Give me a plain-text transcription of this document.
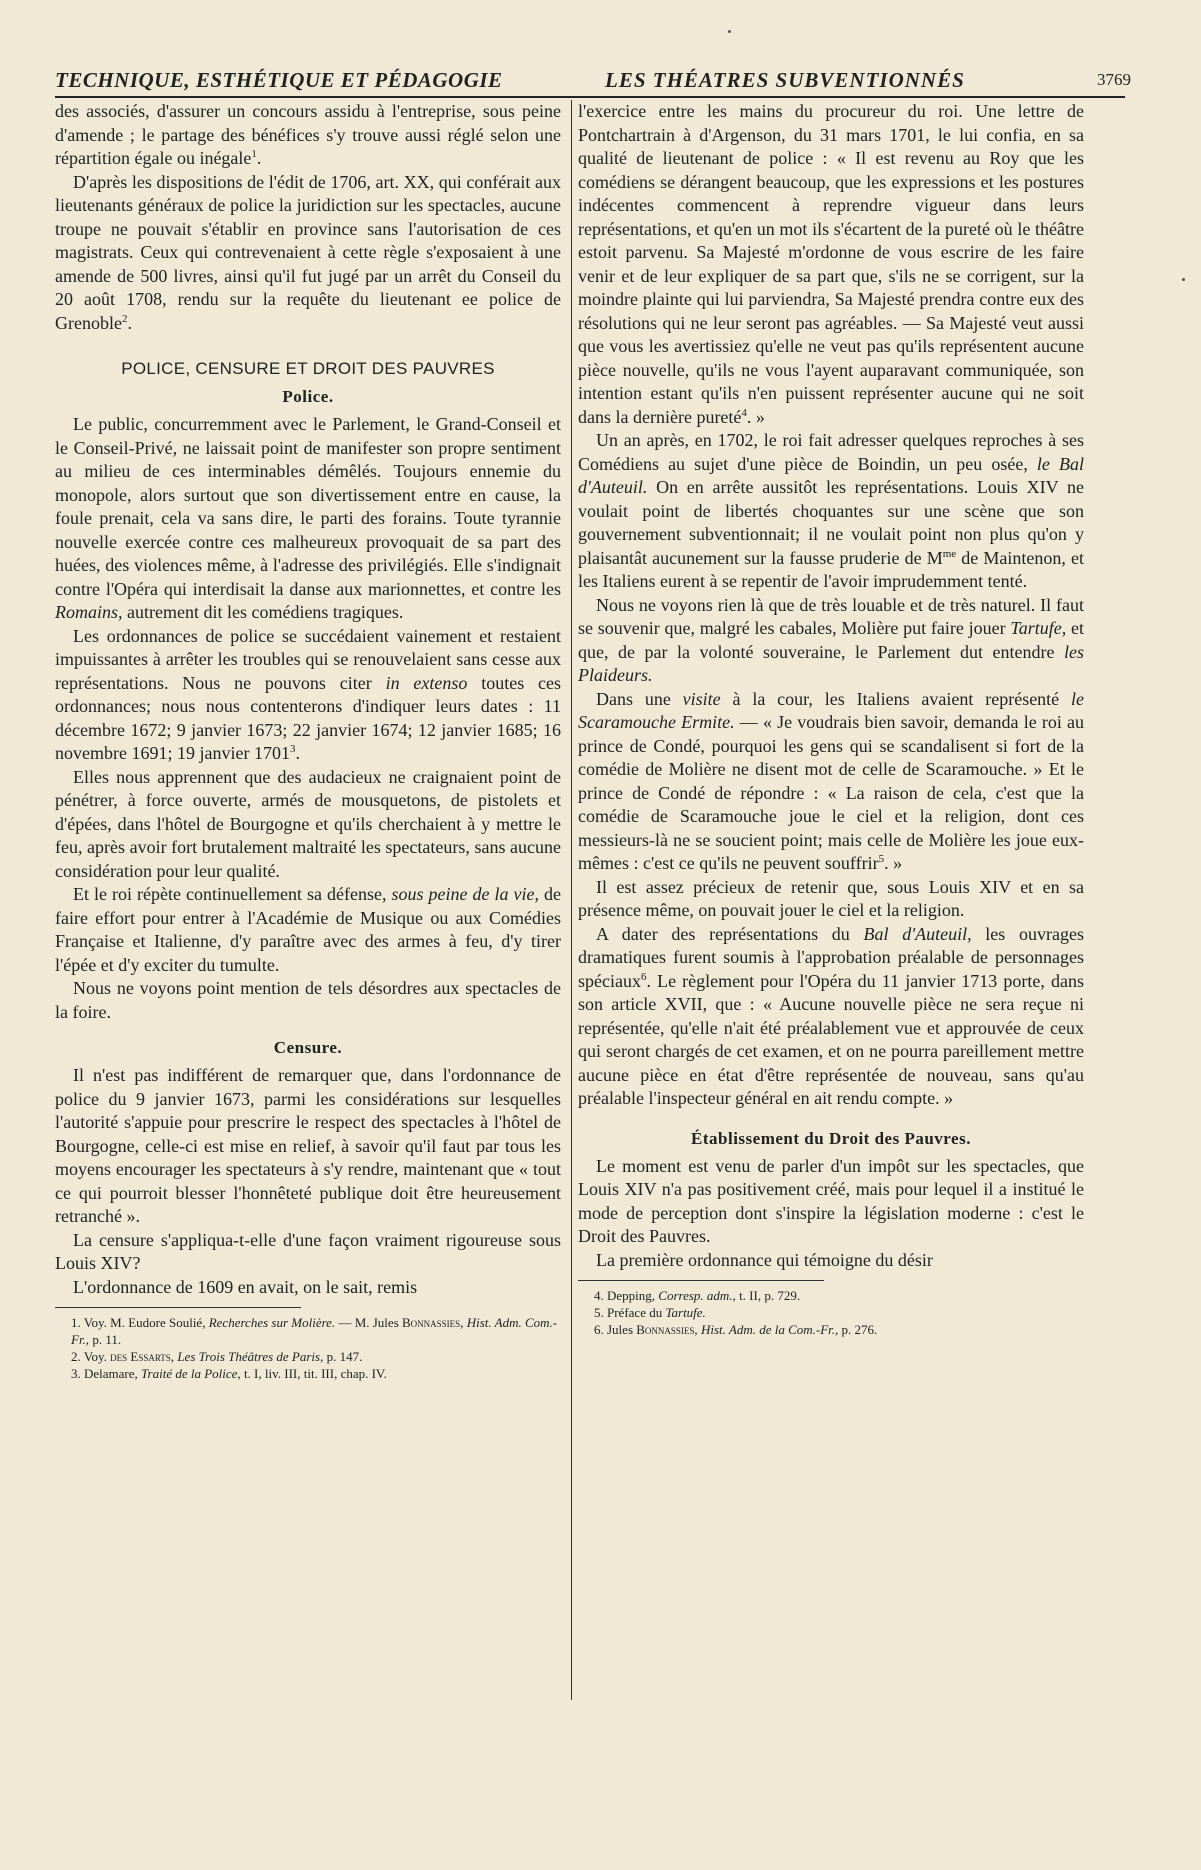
TECHNIQUE, ESTHÉTIQUE ET PÉDAGOGIE	LES THÉATRES SUBVENTIONNÉS	3769

des associés, d'assurer un concours assidu à l'entreprise, sous peine d'amende ; le partage des bénéfices s'y trouve aussi réglé selon une répartition égale ou inégale$^1$.

D'après les dispositions de l'édit de 1706, art. XX, qui conférait aux lieutenants généraux de police la juridiction sur les spectacles, aucune troupe ne pouvait s'établir en province sans l'autorisation de ces magistrats. Ceux qui contrevenaient à cette règle s'exposaient à une amende de 500 livres, ainsi qu'il fut jugé par un arrêt du Conseil du 20 août 1708, rendu sur la requête du lieutenant ee police de Grenoble$^2$.

POLICE, CENSURE ET DROIT DES PAUVRES
Police.

Le public, concurremment avec le Parlement, le Grand-Conseil et le Conseil-Privé, ne laissait point de manifester son propre sentiment au milieu de ces interminables démêlés. Toujours ennemie du monopole, alors surtout que son divertissement entre en cause, la foule prenait, cela va sans dire, le parti des forains. Toute tyrannie nouvelle exercée contre ces malheureux provoquait de sa part des huées, des violences même, à l'adresse des privilégiés. Elle s'indignait contre l'Opéra qui interdisait la danse aux marionnettes, et contre les Romains, autrement dit les comédiens tragiques.

Les ordonnances de police se succédaient vainement et restaient impuissantes à arrêter les troubles qui se renouvelaient sans cesse aux représentations. Nous ne pouvons citer in extenso toutes ces ordonnances; nous nous contenterons d'indiquer leurs dates : 11 décembre 1672; 9 janvier 1673; 22 janvier 1674; 12 janvier 1685; 16 novembre 1691; 19 janvier 1701$^3$.

Elles nous apprennent que des audacieux ne craignaient point de pénétrer, à force ouverte, armés de mousquetons, de pistolets et d'épées, dans l'hôtel de Bourgogne et qu'ils cherchaient à y mettre le feu, après avoir fort brutalement maltraité les spectateurs, sans aucune considération pour leur qualité.

Et le roi répète continuellement sa défense, sous peine de la vie, de faire effort pour entrer à l'Académie de Musique ou aux Comédies Française et Italienne, d'y paraître avec des armes à feu, d'y tirer l'épée et d'y exciter du tumulte.

Nous ne voyons point mention de tels désordres aux spectacles de la foire.

Censure.

Il n'est pas indifférent de remarquer que, dans l'ordonnance de police du 9 janvier 1673, parmi les considérations sur lesquelles l'autorité s'appuie pour prescrire le respect des spectacles à l'hôtel de Bourgogne, celle-ci est mise en relief, à savoir qu'il faut par tous les moyens encourager les spectateurs à s'y rendre, maintenant que « tout ce qui pourroit blesser l'honnêteté publique doit être heureusement retranché ».

La censure s'appliqua-t-elle d'une façon vraiment rigoureuse sous Louis XIV?

L'ordonnance de 1609 en avait, on le sait, remis

1. Voy. M. Eudore Soulié, Recherches sur Molière. — M. Jules Bonnassies, Hist. Adm. Com.-Fr., p. 11.

2. Voy. des Essarts, Les Trois Théâtres de Paris, p. 147.

3. Delamare, Traité de la Police, t. I, liv. III, tit. III, chap. IV.

l'exercice entre les mains du procureur du roi. Une lettre de Pontchartrain à d'Argenson, du 31 mars 1701, le lui confia, en sa qualité de lieutenant de police : « Il est revenu au Roy que les comédiens se dérangent beaucoup, que les expressions et les postures indécentes commencent à reprendre vigueur dans leurs représentations, et qu'en un mot ils s'écartent de la pureté où le théâtre estoit parvenu. Sa Majesté m'ordonne de vous escrire de les faire venir et de leur expliquer de sa part que, s'ils ne se corrigent, sur la moindre plainte qui lui parviendra, Sa Majesté prendra contre eux des résolutions qui ne leur seront pas agréables. — Sa Majesté veut aussi que vous les avertissiez qu'elle ne veut pas qu'ils représentent aucune pièce nouvelle, qu'ils ne vous l'ayent auparavant communiquée, son intention estant qu'ils n'en puissent représenter aucune qui ne soit dans la dernière pureté$^4$. »

Un an après, en 1702, le roi fait adresser quelques reproches à ses Comédiens au sujet d'une pièce de Boindin, un peu osée, le Bal d'Auteuil. On en arrête aussitôt les représentations. Louis XIV ne voulait point de libertés choquantes sur une scène que son gouvernement subventionnait; il ne voulait point non plus qu'on y plaisantât aucunement sur la fausse pruderie de $M^{me}$ de Maintenon, et les Italiens eurent à se repentir de l'avoir imprudemment tenté.

Nous ne voyons rien là que de très louable et de très naturel. Il faut se souvenir que, malgré les cabales, Molière put faire jouer Tartufe, et que, de par la volonté souveraine, le Parlement dut entendre les Plaideurs.

Dans une visite à la cour, les Italiens avaient représenté le Scaramouche Ermite. — « Je voudrais bien savoir, demanda le roi au prince de Condé, pourquoi les gens qui se scandalisent si fort de la comédie de Molière ne disent mot de celle de Scaramouche. » Et le prince de Condé de répondre : « La raison de cela, c'est que la comédie de Scaramouche joue le ciel et la religion, dont ces messieurs-là ne se soucient point; mais celle de Molière les joue eux-mêmes : c'est ce qu'ils ne peuvent souffrir$^5$. »

Il est assez précieux de retenir que, sous Louis XIV et en sa présence même, on pouvait jouer le ciel et la religion.

A dater des représentations du Bal d'Auteuil, les ouvrages dramatiques furent soumis à l'approbation préalable de personnages spéciaux$^6$. Le règlement pour l'Opéra du 11 janvier 1713 porte, dans son article XVII, que : « Aucune nouvelle pièce ne sera reçue ni représentée, qu'elle n'ait été préalablement vue et approuvée de ceux qui seront chargés de cet examen, et on ne pourra pareillement mettre aucune pièce en état d'être représentée de nouveau, sans qu'au préalable l'inspecteur général en ait rendu compte. »

Établissement du Droit des Pauvres.

Le moment est venu de parler d'un impôt sur les spectacles, que Louis XIV n'a pas positivement créé, mais pour lequel il a institué le mode de perception dont s'inspire la législation moderne : c'est le Droit des Pauvres.

La première ordonnance qui témoigne du désir

4. Depping, Corresp. adm., t. II, p. 729.

5. Préface du Tartufe.

6. Jules Bonnassies, Hist. Adm. de la Com.-Fr., p. 276.
